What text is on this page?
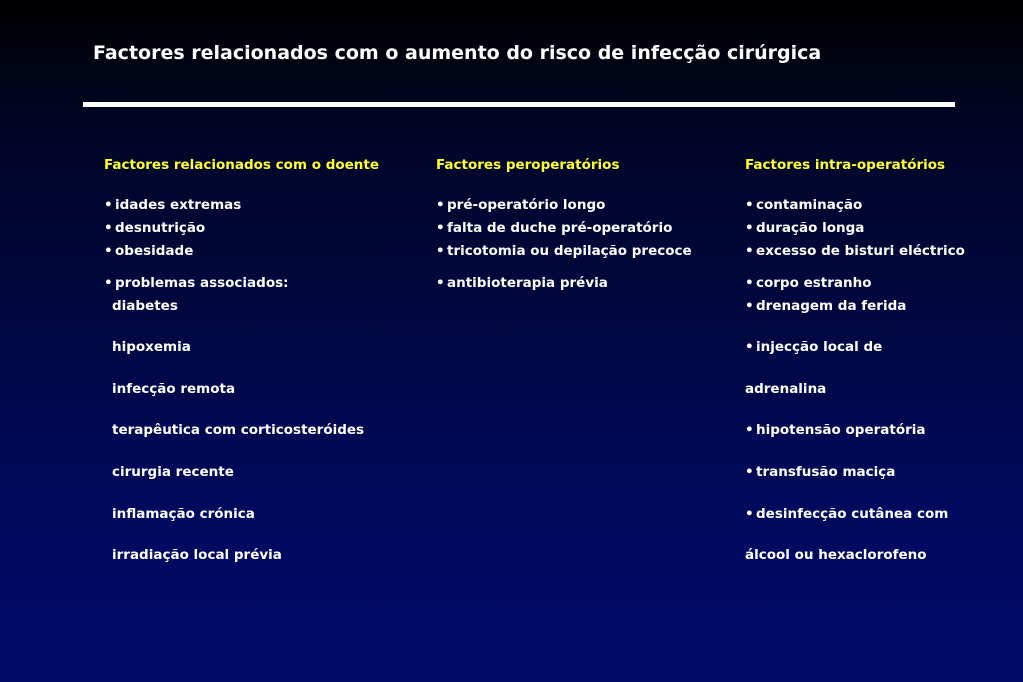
Factores relacionados com o aumento do risco de infecção cirúrgica
Factores relacionados com o doente
• idades extremas
• desnutrição
• obesidade
• problemas associados:
diabetes
hipoxemia
infecção remota
terapêutica com corticosteróides
cirurgia recente
inflamação crónica
irradiação local prévia
Factores peroperatórios
• pré-operatório longo
• falta de duche pré-operatório
• tricotomia ou depilação precoce
• antibioterapia prévia
Factores intra-operatórios
• contaminação
• duração longa
• excesso de bisturi eléctrico
• corpo estranho
• drenagem da ferida
• injecção local de
adrenalina
• hipotensão operatória
• transfusão maciça
• desinfecção cutânea com
álcool ou hexaclorofeno
